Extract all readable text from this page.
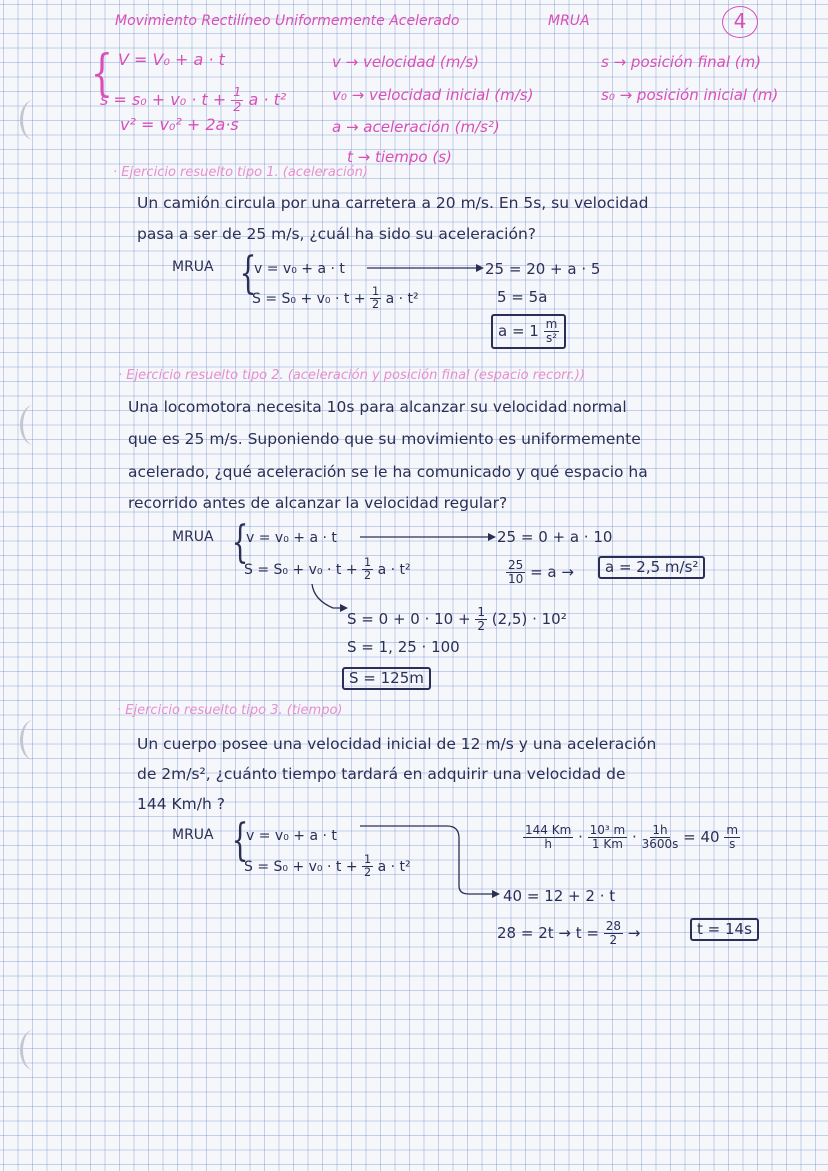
Movimiento Rectilíneo Uniformemente Acelerado	MRUA	4
{ V = V₀ + a · t
$s = s_0 + v_0 \cdot t + \frac{1}{2}$ a · t²
v² = v₀² + 2a·s
v → velocidad (m/s)
v₀ → velocidad inicial (m/s)
a → aceleración (m/s²)
t → tiempo (s)
s → posición final (m)
s₀ → posición inicial (m)
· Ejercicio resuelto tipo 1. (aceleración)
Un camión circula por una carretera a 20 m/s. En 5s, su velocidad
pasa a ser de 25 m/s, ¿cuál ha sido su aceleración?
MRUA {
v = v₀ + a · t
$S = S_0 + v_0 \cdot t + \frac{1}{2}$ a · t²
25 = 20 + a · 5
5 = 5a
$a = 1 \frac{m}{\text{s²}}$
· Ejercicio resuelto tipo 2. (aceleración y posición final (espacio recorr.))
Una locomotora necesita 10s para alcanzar su velocidad normal
que es 25 m/s. Suponiendo que su movimiento es uniformemente
acelerado, ¿qué aceleración se le ha comunicado y qué espacio ha
recorrido antes de alcanzar la velocidad regular?
MRUA {
v = v₀ + a · t
$S = S_0 + v_0 \cdot t + \frac{1}{2}$ a · t²
25 = 0 + a · 10
$\frac{25}{10} = a$ →	a = 2,5 m/s²
$S = 0 + 0 \cdot 10 + \frac{1}{2} (2,5) \cdot 10^2$
S = 1, 25 · 100
S = 125m
· Ejercicio resuelto tipo 3. (tiempo)
Un cuerpo posee una velocidad inicial de 12 m/s y una aceleración
de 2m/s², ¿cuánto tiempo tardará en adquirir una velocidad de
144 Km/h ?
MRUA {
v = v₀ + a · t
$S = S_0 + v_0 \cdot t + \frac{1}{2}$ a · t²
$\frac{144 Km}{h} \cdot \frac{\text{10³ m}}{1 Km} \cdot \frac{1h}{3600s} = 40 \frac{m}{s}$
40 = 12 + 2 · t
$28 = 2t \to t = \frac{28}{2}$ →	t = 14s
